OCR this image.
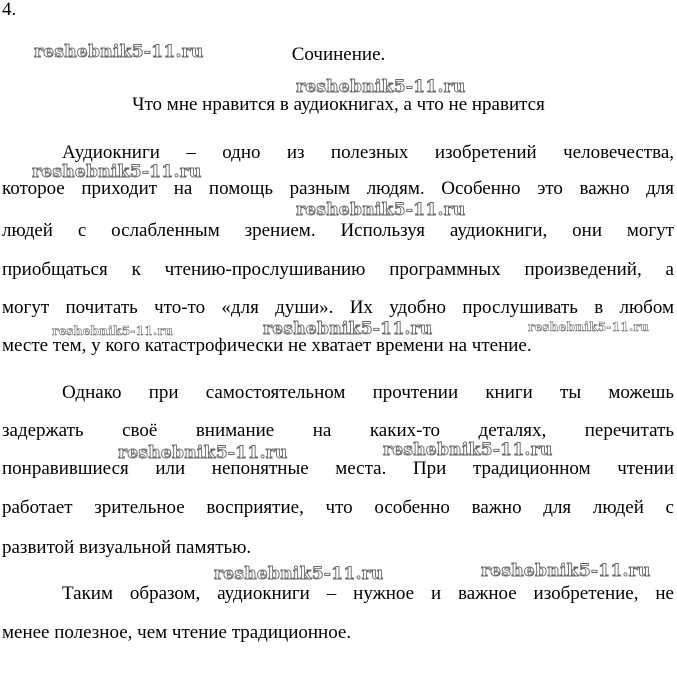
4.
Сочинение.
Что мне нравится в аудиокнигах, а что не нравится
Аудиокниги – одно из полезных изобретений человечества,
которое приходит на помощь разным людям. Особенно это важно для
людей с ослабленным зрением. Используя аудиокниги, они могут
приобщаться к чтению-прослушиванию программных произведений, а
могут почитать что-то «для души». Их удобно прослушивать в любом
месте тем, у кого катастрофически не хватает времени на чтение.
Однако при самостоятельном прочтении книги ты можешь
задержать своё внимание на каких-то деталях, перечитать
понравившиеся или непонятные места. При традиционном чтении
работает зрительное восприятие, что особенно важно для людей с
развитой визуальной памятью.
Таким образом, аудиокниги – нужное и важное изобретение, не
менее полезное, чем чтение традиционное.
reshebnik5-11.ru
reshebnik5-11.ru
reshebnik5-11.ru
reshebnik5-11.ru
reshebnik5-11.ru	reshebnik5-11.ru	reshebnik5-11.ru
reshebnik5-11.ru	reshebnik5-11.ru
reshebnik5-11.ru	reshebnik5-11.ru
